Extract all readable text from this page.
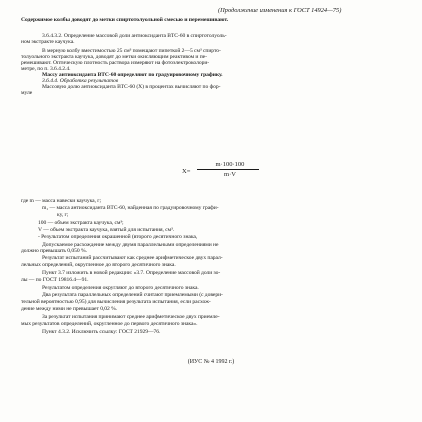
(Продолжение изменения к ГОСТ 14924—75)
Содержимое колбы доводят до метки спиртотолуольной смесью и перемешивают.
3.6.4.3.2. Определение массовой доли антиоксиданта ВТС-60 в спиртотолуоль-
ном экстракте каучука.
В мерную колбу вместимостью 25 см³ помещают пипеткой 2—5 см³ спирто-
толуольного экстракта каучука, доводят до метки окисляющим реактивом и пе-
ремешивают. Оптическую плотность раствора измеряют на фотоэлектроколори-
метре, по п. 3.6.4.2.4.
Массу антиоксиданта ВТС-60 определяют по градуировочному графику.
3.6.4.4. Обработка результатов
Массовую долю антиоксиданта ВТС-60 (X) в процентах вычисляют по фор-
муле
X=
m·100·100
m·V
где m — масса навески каучука, г;
m₁ — масса антиоксиданта ВТС-60, найденная по градуировочному графи-
ку, г;
100 — объем экстракта каучука, см³;
V — объем экстракта каучука, взятый для испытания, см³.
- Результатом определения окрашенной (второго десятичного знака,
Допускаемое расхождение между двумя параллельными определениями не
должно превышать 0,050 %.
Результат испытаний рассчитывают как среднее арифметическое двух парал-
лельных определений, округленное до второго десятичного знака.
Пункт 3.7 изложить в новой редакции: «3.7. Определение массовой доли зо-
лы — по ГОСТ 19816.4—91.
Результатом определения округляют до второго десятичного знака.
Два результата параллельных определений считают приемлемыми (с довери-
тельной вероятностью 0,95) для вычисления результата испытания, если расхож-
дение между ними не превышает 0,02 %.
За результат испытания принимают среднее арифметическое двух приемле-
мых результатов определений, округленное до первого десятичного знака».
Пункт 4.3.2. Исключить ссылку: ГОСТ 21929—76.
(ИУС № 4 1992 г.)
